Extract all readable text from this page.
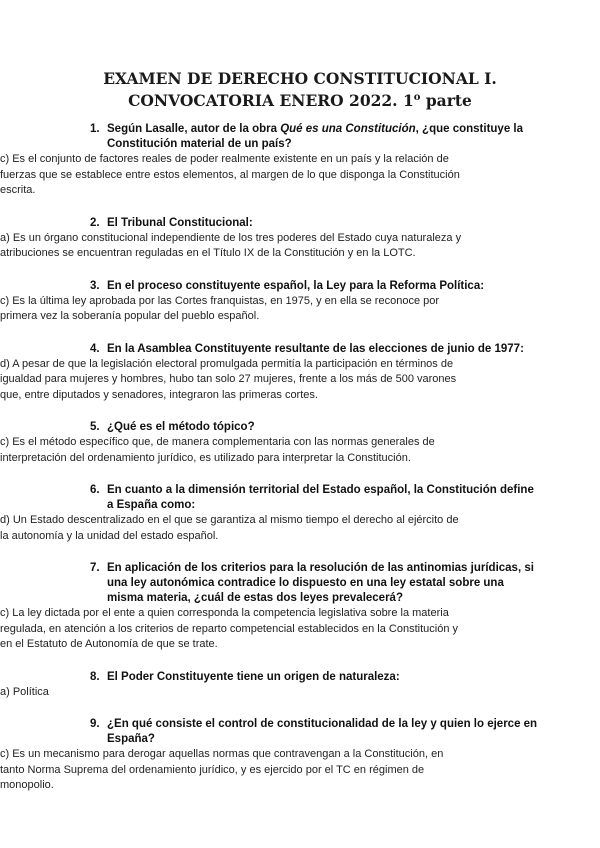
EXAMEN DE DERECHO CONSTITUCIONAL I. CONVOCATORIA ENERO 2022. 1$^o$ parte

1. Según Lasalle, autor de la obra Qué es una Constitución, ¿que constituye la Constitución material de un país?

c) Es el conjunto de factores reales de poder realmente existente en un país y la relación de fuerzas que se establece entre estos elementos, al margen de lo que disponga la Constitución escrita.

2. El Tribunal Constitucional:

a) Es un órgano constitucional independiente de los tres poderes del Estado cuya naturaleza y atribuciones se encuentran reguladas en el Título IX de la Constitución y en la LOTC.

3. En el proceso constituyente español, la Ley para la Reforma Política:

c) Es la última ley aprobada por las Cortes franquistas, en 1975, y en ella se reconoce por primera vez la soberanía popular del pueblo español.

4. En la Asamblea Constituyente resultante de las elecciones de junio de 1977:

d) A pesar de que la legislación electoral promulgada permitía la participación en términos de igualdad para mujeres y hombres, hubo tan solo 27 mujeres, frente a los más de 500 varones que, entre diputados y senadores, integraron las primeras cortes.

5. ¿Qué es el método tópico?

c) Es el método específico que, de manera complementaria con las normas generales de interpretación del ordenamiento jurídico, es utilizado para interpretar la Constitución.

6. En cuanto a la dimensión territorial del Estado español, la Constitución define a España como:

d) Un Estado descentralizado en el que se garantiza al mismo tiempo el derecho al ejército de la autonomía y la unidad del estado español.

7. En aplicación de los criterios para la resolución de las antinomias jurídicas, si una ley autonómica contradice lo dispuesto en una ley estatal sobre una misma materia, ¿cuál de estas dos leyes prevalecerá?

c) La ley dictada por el ente a quien corresponda la competencia legislativa sobre la materia regulada, en atención a los criterios de reparto competencial establecidos en la Constitución y en el Estatuto de Autonomía de que se trate.

8. El Poder Constituyente tiene un origen de naturaleza:

a) Política

9. ¿En qué consiste el control de constitucionalidad de la ley y quien lo ejerce en España?

c) Es un mecanismo para derogar aquellas normas que contravengan a la Constitución, en tanto Norma Suprema del ordenamiento jurídico, y es ejercido por el TC en régimen de monopolio.
